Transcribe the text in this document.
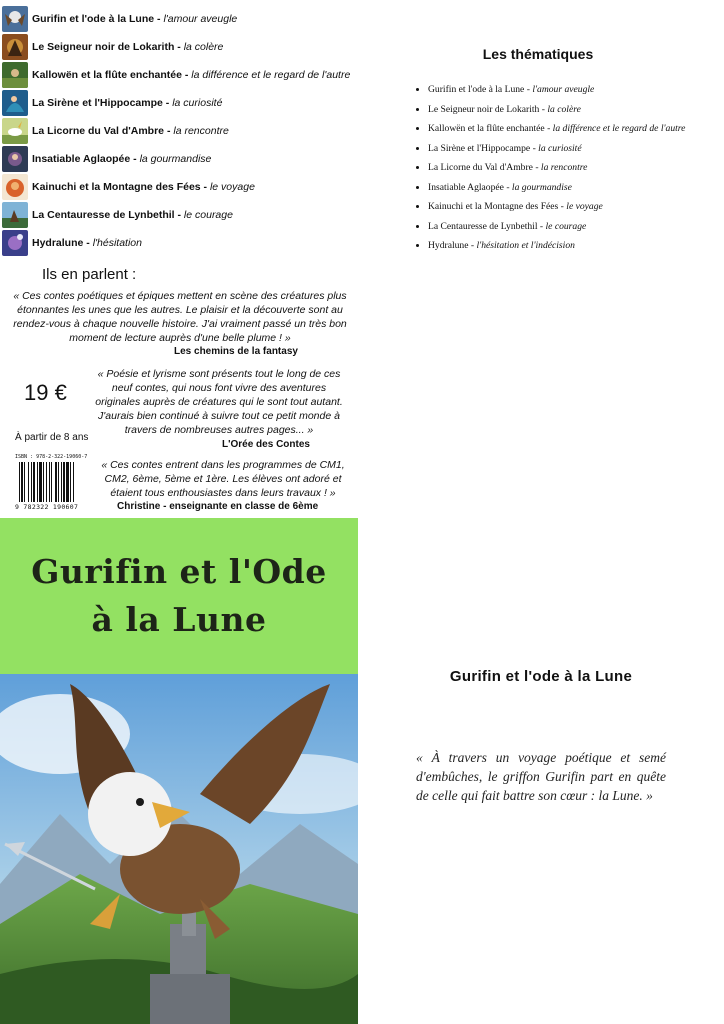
Gurifin et l'ode à la Lune - l'amour aveugle
Le Seigneur noir de Lokarith - la colère
Kallowën et la flûte enchantée - la différence et le regard de l'autre
La Sirène et l'Hippocampe - la curiosité
La Licorne du Val d'Ambre - la rencontre
Insatiable Aglaopée - la gourmandise
Kainuchi et la Montagne des Fées - le voyage
La Centauresse de Lynbethil - le courage
Hydralune - l'hésitation
Ils en parlent :
« Ces contes poétiques et épiques mettent en scène des créatures plus étonnantes les unes que les autres. Le plaisir et la découverte sont au rendez-vous à chaque nouvelle histoire. J'ai vraiment passé un très bon moment de lecture auprès d'une belle plume ! »
Les chemins de la fantasy
19 €
« Poésie et lyrisme sont présents tout le long de ces neuf contes, qui nous font vivre des aventures originales auprès de créatures qui le sont tout autant. J'aurais bien continué à suivre tout ce petit monde à travers de nombreuses autres pages... »
L'Orée des Contes
À partir de 8 ans
« Ces contes entrent dans les programmes de CM1, CM2, 6ème, 5ème et 1ère. Les élèves ont adoré et étaient tous enthousiastes dans leurs travaux ! »
Christine - enseignante en classe de 6ème
ISBN : 978-2-322-19060-7
9 782322 190607
Les thématiques
• Gurifin et l'ode à la Lune - l'amour aveugle
• Le Seigneur noir de Lokarith - la colère
• Kallowën et la flûte enchantée - la différence et le regard de l'autre
• La Sirène et l'Hippocampe - la curiosité
• La Licorne du Val d'Ambre - la rencontre
• Insatiable Aglaopée - la gourmandise
• Kainuchi et la Montagne des Fées - le voyage
• La Centauresse de Lynbethil - le courage
• Hydralune - l'hésitation et l'indécision
Gurifin et l'Ode
à la Lune
Gurifin et l'ode à la Lune
« À travers un voyage poétique et semé d'embûches, le griffon Gurifin part en quête de celle qui fait battre son cœur : la Lune. »
